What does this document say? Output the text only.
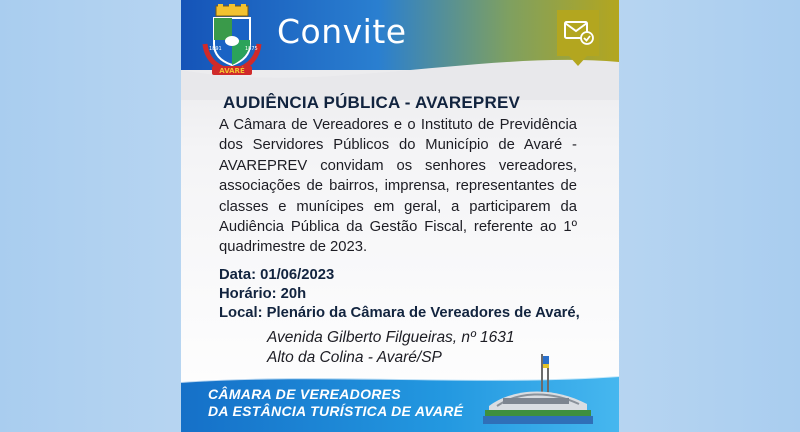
1891	1875
AVARÉ
Convite
AUDIÊNCIA PÚBLICA - AVAREPREV
A Câmara de Vereadores e o Instituto de Previdência dos Servidores Públicos do Município de Avaré - AVAREPREV convidam os senhores vereadores, associações de bairros, imprensa, representantes de classes e munícipes em geral, a participarem da Audiência Pública da Gestão Fiscal, referente ao 1º quadrimestre de 2023.
Data: 01/06/2023
Horário: 20h
Local: Plenário da Câmara de Vereadores de Avaré,
Avenida Gilberto Filgueiras, nº 1631
Alto da Colina - Avaré/SP
CÂMARA DE VEREADORES
DA ESTÂNCIA TURÍSTICA DE AVARÉ
